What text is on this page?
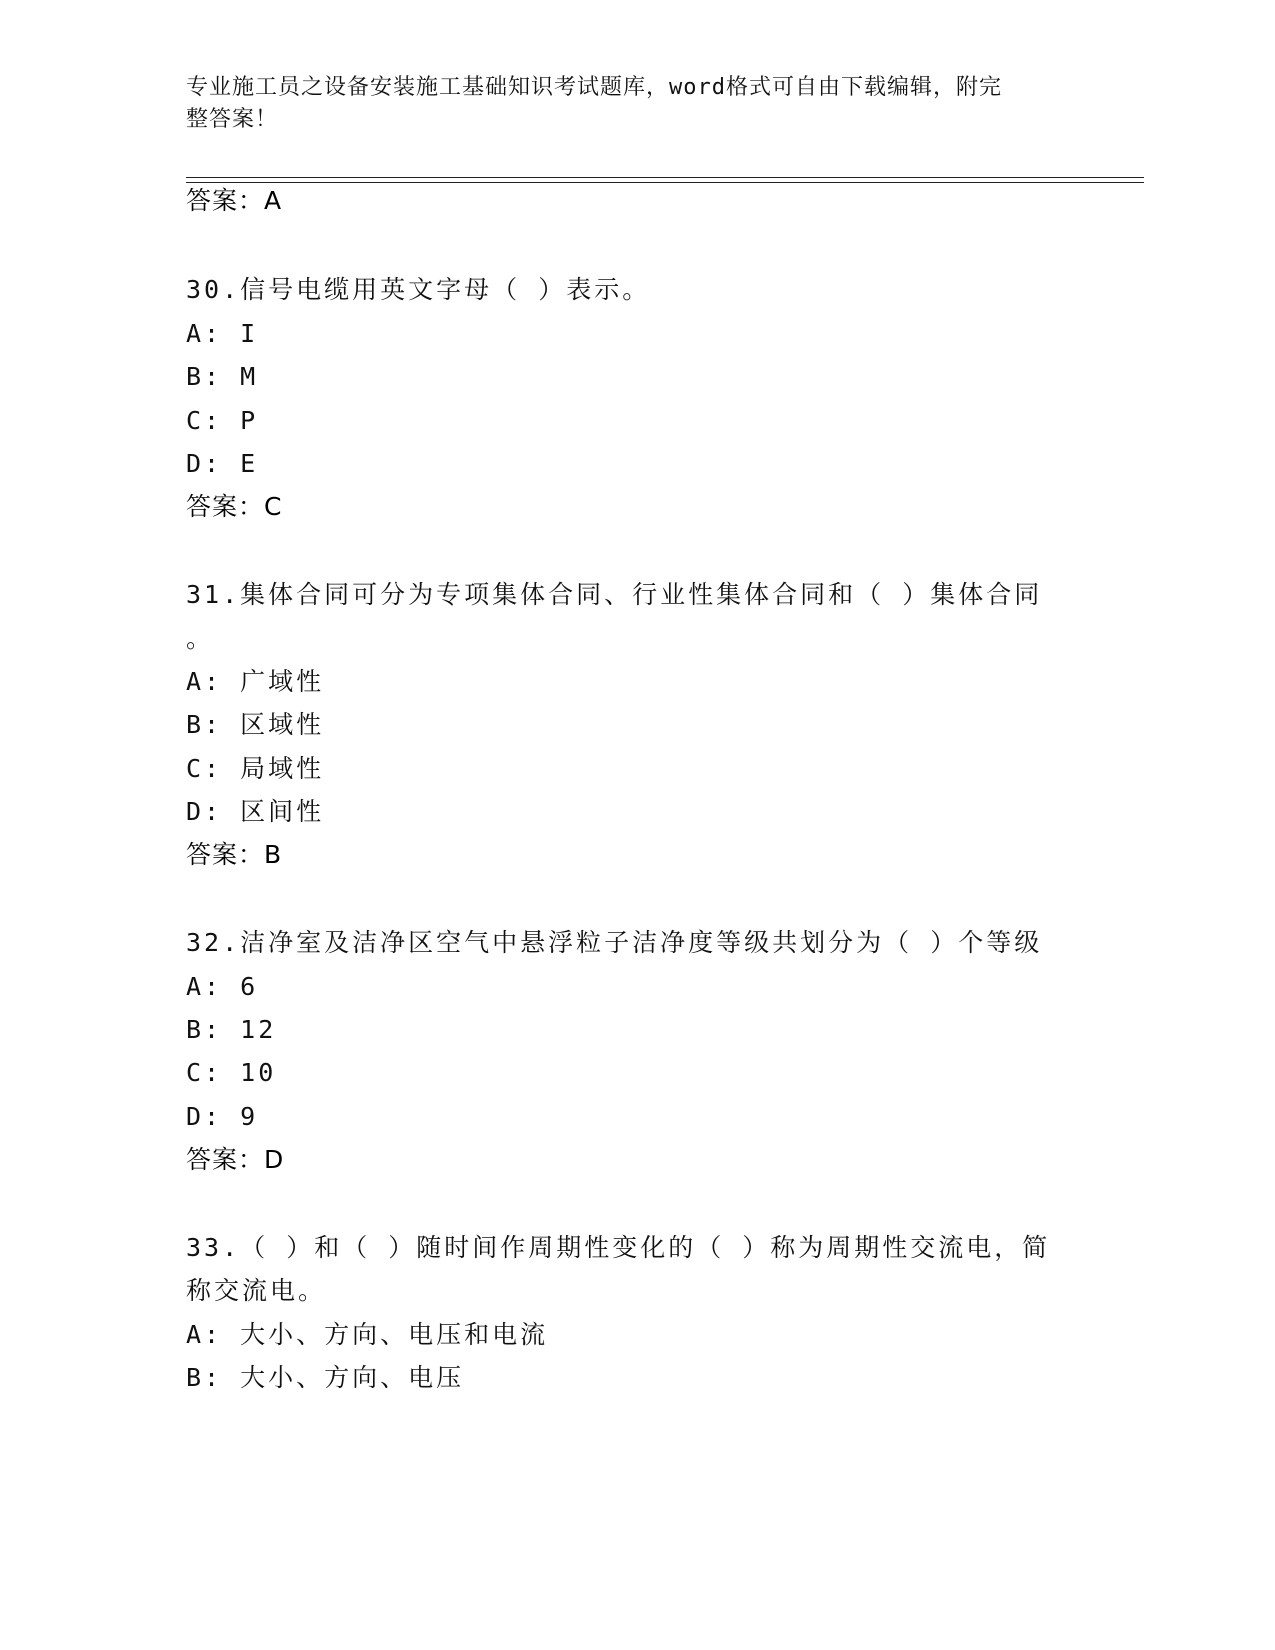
专业施工员之设备安装施工基础知识考试题库，word格式可自由下载编辑，附完
整答案！
答案：A
30.信号电缆用英文字母（ ）表示。
A: I
B: M
C: P
D: E
答案：C
31.集体合同可分为专项集体合同、行业性集体合同和（ ）集体合同
。
A: 广域性
B: 区域性
C: 局域性
D: 区间性
答案：B
32.洁净室及洁净区空气中悬浮粒子洁净度等级共划分为（ ）个等级
A: 6
B: 12
C: 10
D: 9
答案：D
33.（ ）和（ ）随时间作周期性变化的（ ）称为周期性交流电，简
称交流电。
A: 大小、方向、电压和电流
B: 大小、方向、电压
